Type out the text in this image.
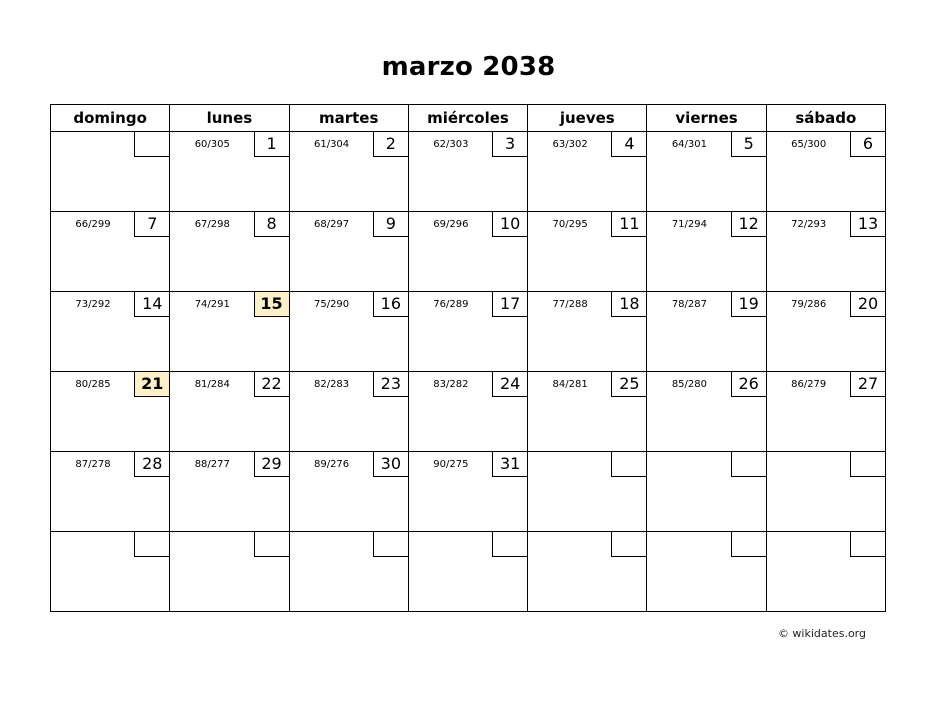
marzo 2038
domingo	lunes	martes	miércoles	jueves	viernes	sábado

	60/305 1	61/304 2	62/303 3	63/302 4	64/301 5	65/300 6

66/299 7	67/298 8	68/297 9	69/296 10	70/295 11	71/294 12	72/293 13

73/292 14	74/291 15	75/290 16	76/289 17	77/288 18	78/287 19	79/286 20

80/285 21	81/284 22	82/283 23	83/282 24	84/281 25	85/280 26	86/279 27

87/278 28	88/277 29	89/276 30	90/275 31			

© wikidates.org
